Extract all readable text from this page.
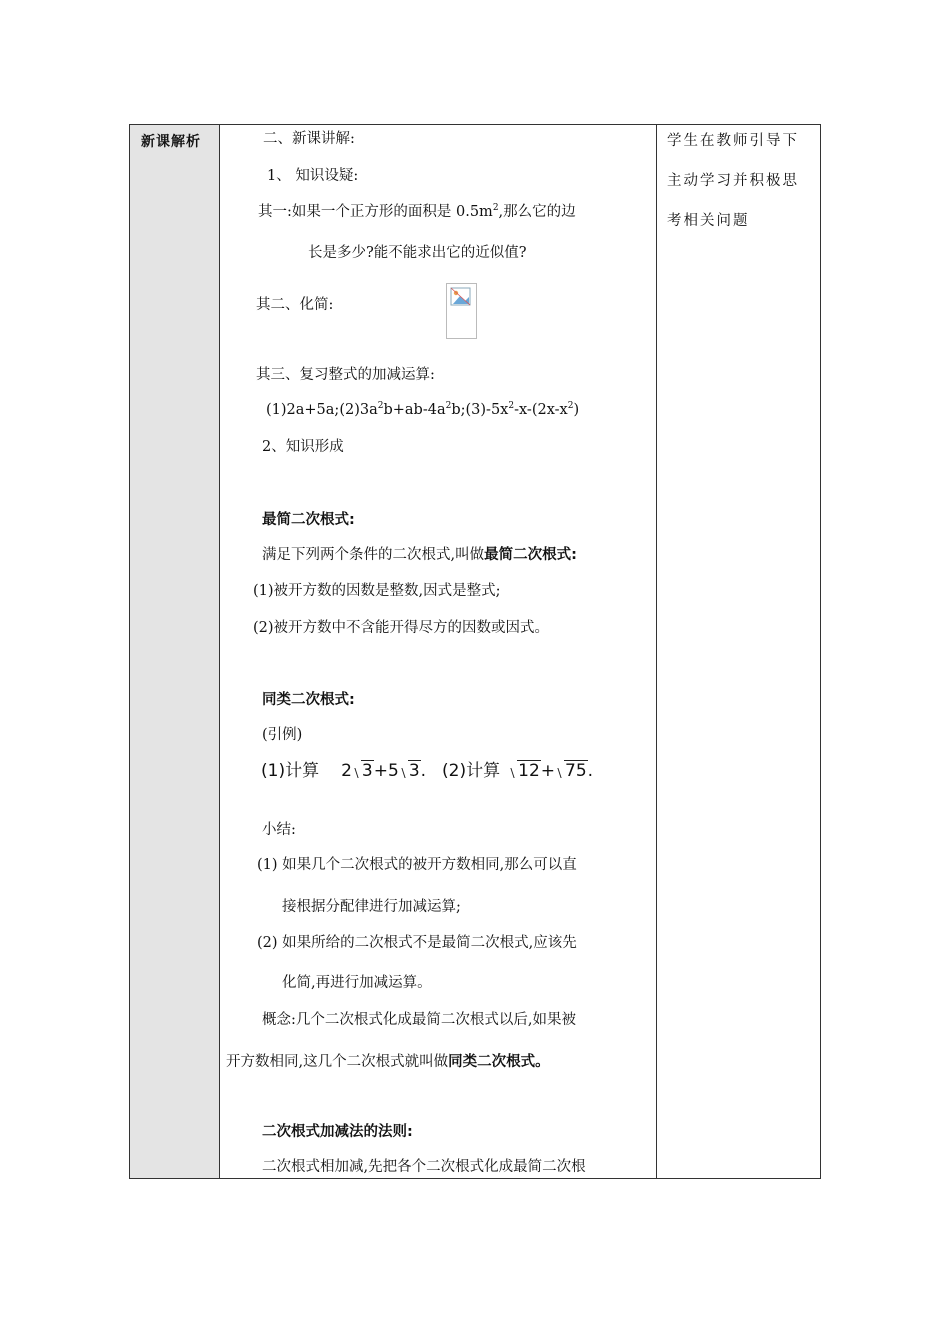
新课解析	二、新课讲解:
1、 知识设疑:
其一:如果一个正方形的面积是 $0.5m^2$,那么它的边
长是多少?能不能求出它的近似值?
其二、化简:
其三、复习整式的加减运算:
$(1)2a+5a;(2)3a^2b+ab-4a^2b;(3)-5x^2-x-(2x-x^2)$
2、知识形成
最简二次根式:
满足下列两个条件的二次根式,叫做最简二次根式:
(1)被开方数的因数是整数,因式是整式;
(2)被开方数中不含能开得尽方的因数或因式。
同类二次根式:
(引例)
(1)计算 2 3+5 3. (2)计算 12+ 75.
小结:
(1) 如果几个二次根式的被开方数相同,那么可以直
接根据分配律进行加减运算;
(2) 如果所给的二次根式不是最简二次根式,应该先
化简,再进行加减运算。
概念:几个二次根式化成最简二次根式以后,如果被
开方数相同,这几个二次根式就叫做同类二次根式。
二次根式加减法的法则:
二次根式相加减,先把各个二次根式化成最简二次根
学生在教师引导下
主动学习并积极思
考相关问题
